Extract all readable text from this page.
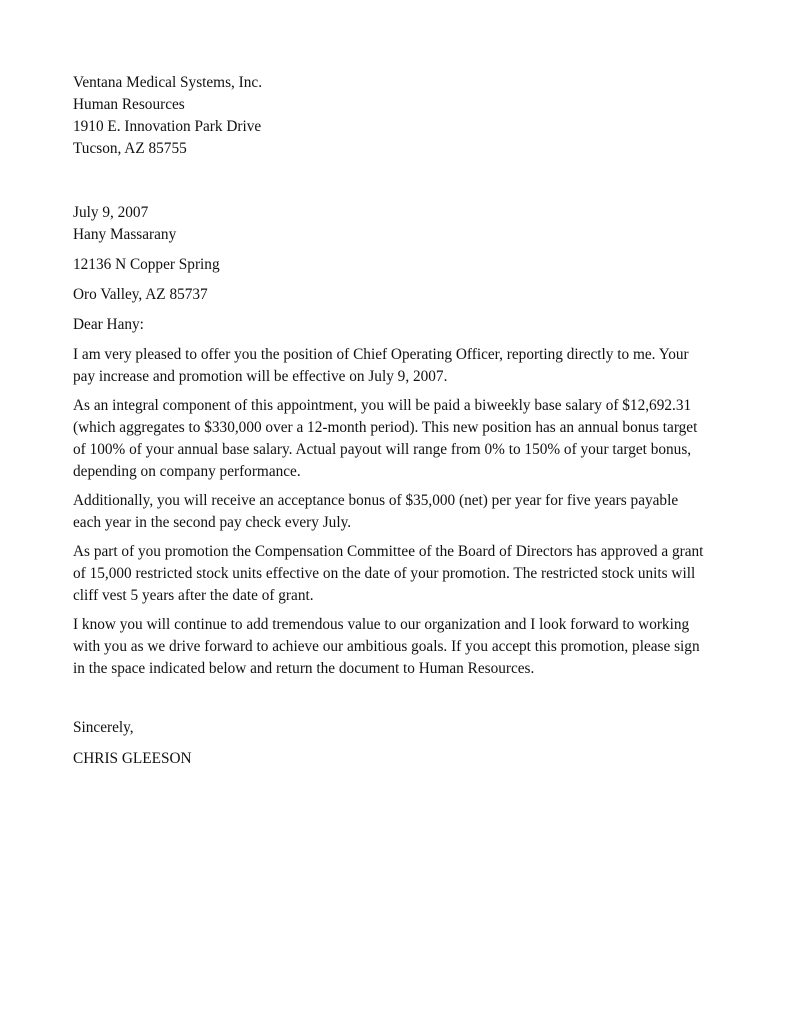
Ventana Medical Systems, Inc.

Human Resources

1910 E. Innovation Park Drive

Tucson, AZ 85755

July 9, 2007

Hany Massarany

12136 N Copper Spring

Oro Valley, AZ 85737

Dear Hany:

I am very pleased to offer you the position of Chief Operating Officer, reporting directly to me. Your
pay increase and promotion will be effective on July 9, 2007.
As an integral component of this appointment, you will be paid a biweekly base salary of $12,692.31
(which aggregates to $330,000 over a 12-month period). This new position has an annual bonus target
of 100% of your annual base salary. Actual payout will range from 0% to 150% of your target bonus,
depending on company performance.
Additionally, you will receive an acceptance bonus of $35,000 (net) per year for five years payable
each year in the second pay check every July.
As part of you promotion the Compensation Committee of the Board of Directors has approved a grant
of 15,000 restricted stock units effective on the date of your promotion. The restricted stock units will
cliff vest 5 years after the date of grant.
I know you will continue to add tremendous value to our organization and I look forward to working
with you as we drive forward to achieve our ambitious goals. If you accept this promotion, please sign
in the space indicated below and return the document to Human Resources.

Sincerely,

CHRIS GLEESON
